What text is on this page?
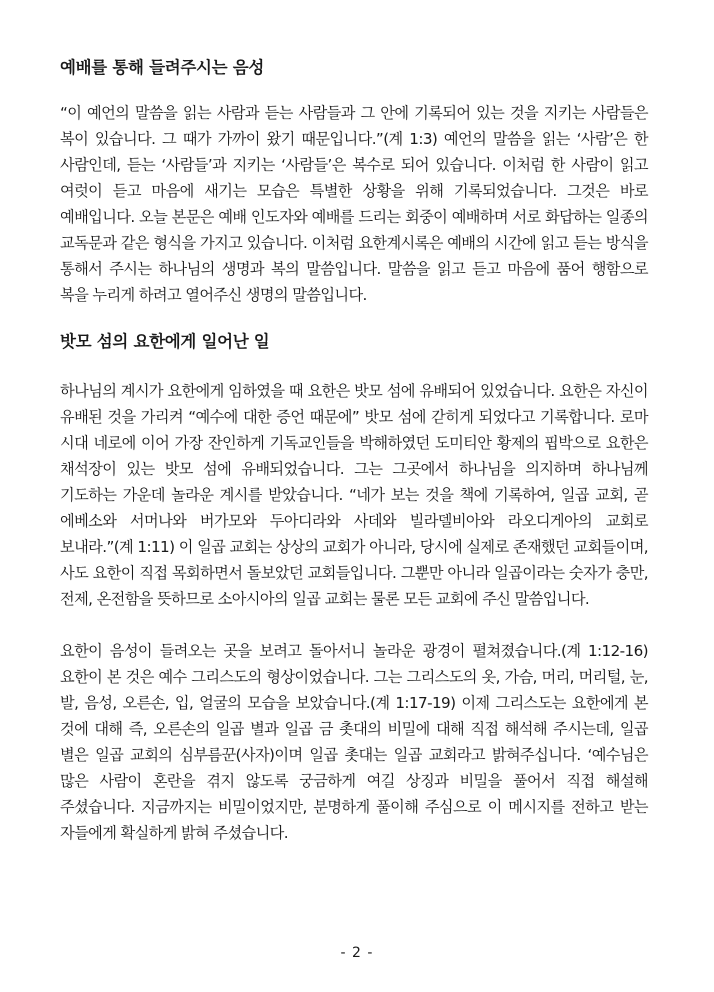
예배를 통해 들려주시는 음성

“이 예언의 말씀을 읽는 사람과 듣는 사람들과 그 안에 기록되어 있는 것을 지키는 사람들은 복이 있습니다. 그 때가 가까이 왔기 때문입니다.”(계 1:3) 예언의 말씀을 읽는 ‘사람’은 한 사람인데, 듣는 ‘사람들’과 지키는 ‘사람들’은 복수로 되어 있습니다. 이처럼 한 사람이 읽고 여럿이 듣고 마음에 새기는 모습은 특별한 상황을 위해 기록되었습니다. 그것은 바로 예배입니다. 오늘 본문은 예배 인도자와 예배를 드리는 회중이 예배하며 서로 화답하는 일종의 교독문과 같은 형식을 가지고 있습니다. 이처럼 요한계시록은 예배의 시간에 읽고 듣는 방식을 통해서 주시는 하나님의 생명과 복의 말씀입니다. 말씀을 읽고 듣고 마음에 품어 행함으로 복을 누리게 하려고 열어주신 생명의 말씀입니다.

밧모 섬의 요한에게 일어난 일

하나님의 계시가 요한에게 임하였을 때 요한은 밧모 섬에 유배되어 있었습니다. 요한은 자신이 유배된 것을 가리켜 “예수에 대한 증언 때문에” 밧모 섬에 갇히게 되었다고 기록합니다. 로마 시대 네로에 이어 가장 잔인하게 기독교인들을 박해하였던 도미티안 황제의 핍박으로 요한은 채석장이 있는 밧모 섬에 유배되었습니다. 그는 그곳에서 하나님을 의지하며 하나님께 기도하는 가운데 놀라운 계시를 받았습니다. “네가 보는 것을 책에 기록하여, 일곱 교회, 곧 에베소와 서머나와 버가모와 두아디라와 사데와 빌라델비아와 라오디게아의 교회로 보내라.”(계 1:11) 이 일곱 교회는 상상의 교회가 아니라, 당시에 실제로 존재했던 교회들이며, 사도 요한이 직접 목회하면서 돌보았던 교회들입니다. 그뿐만 아니라 일곱이라는 숫자가 충만, 전제, 온전함을 뜻하므로 소아시아의 일곱 교회는 물론 모든 교회에 주신 말씀입니다.

요한이 음성이 들려오는 곳을 보려고 돌아서니 놀라운 광경이 펼쳐졌습니다.(계 1:12-16) 요한이 본 것은 예수 그리스도의 형상이었습니다. 그는 그리스도의 옷, 가슴, 머리, 머리털, 눈, 발, 음성, 오른손, 입, 얼굴의 모습을 보았습니다.(계 1:17-19) 이제 그리스도는 요한에게 본 것에 대해 즉, 오른손의 일곱 별과 일곱 금 촛대의 비밀에 대해 직접 해석해 주시는데, 일곱 별은 일곱 교회의 심부름꾼(사자)이며 일곱 촛대는 일곱 교회라고 밝혀주십니다. ‘예수님은 많은 사람이 혼란을 겪지 않도록 궁금하게 여길 상징과 비밀을 풀어서 직접 해설해 주셨습니다. 지금까지는 비밀이었지만, 분명하게 풀이해 주심으로 이 메시지를 전하고 받는 자들에게 확실하게 밝혀 주셨습니다.

- 2 -
